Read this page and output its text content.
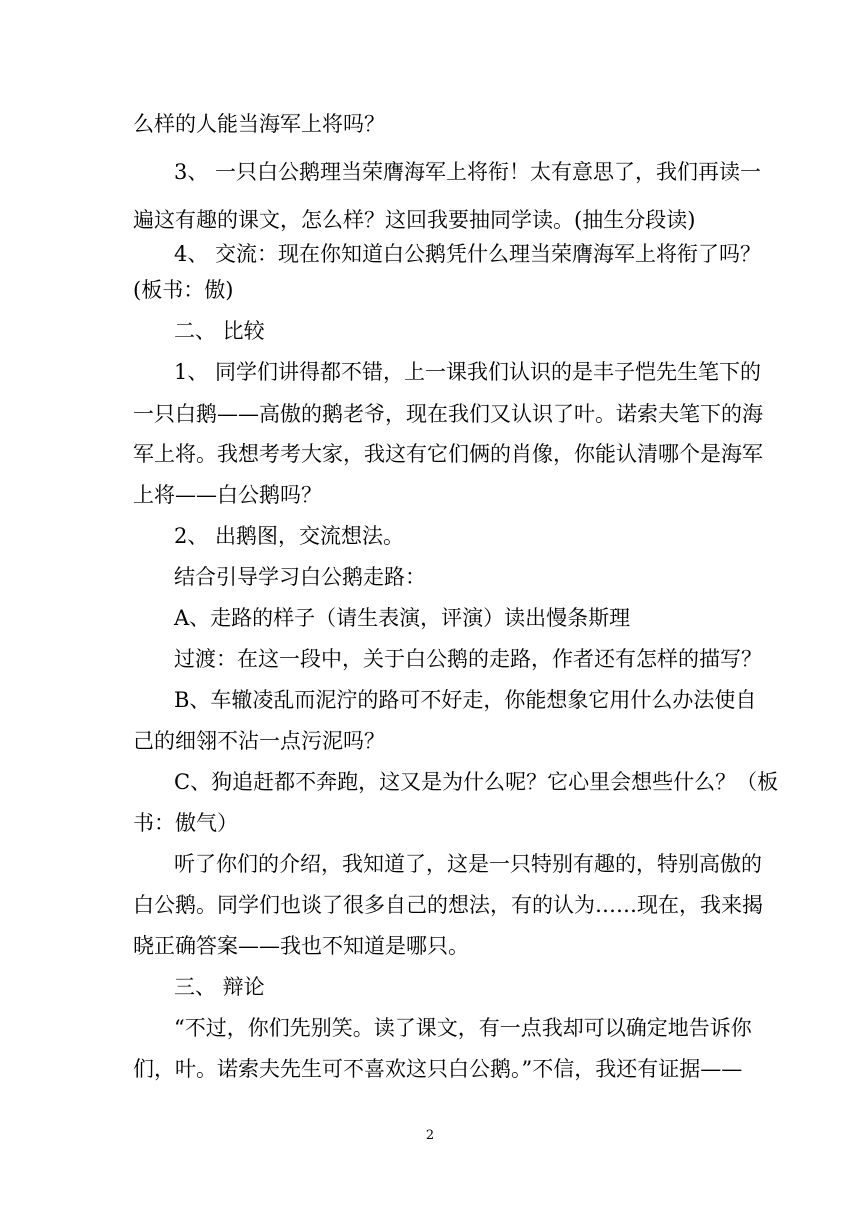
么样的人能当海军上将吗？
3、 一只白公鹅理当荣膺海军上将衔！太有意思了，我们再读一
遍这有趣的课文，怎么样？这回我要抽同学读。(抽生分段读)
4、 交流：现在你知道白公鹅凭什么理当荣膺海军上将衔了吗？
(板书：傲)
二、 比较
1、 同学们讲得都不错，上一课我们认识的是丰子恺先生笔下的
一只白鹅——高傲的鹅老爷，现在我们又认识了叶。诺索夫笔下的海
军上将。我想考考大家，我这有它们俩的肖像，你能认清哪个是海军
上将——白公鹅吗？
2、 出鹅图，交流想法。
结合引导学习白公鹅走路：
A、走路的样子（请生表演，评演）读出慢条斯理
过渡：在这一段中，关于白公鹅的走路，作者还有怎样的描写？
B、车辙凌乱而泥泞的路可不好走，你能想象它用什么办法使自
己的细翎不沾一点污泥吗？
C、狗追赶都不奔跑，这又是为什么呢？它心里会想些什么？（板
书：傲气）
听了你们的介绍，我知道了，这是一只特别有趣的，特别高傲的
白公鹅。同学们也谈了很多自己的想法，有的认为……现在，我来揭
晓正确答案——我也不知道是哪只。
三、 辩论
“不过，你们先别笑。读了课文，有一点我却可以确定地告诉你
们，叶。诺索夫先生可不喜欢这只白公鹅。”不信，我还有证据——
2
